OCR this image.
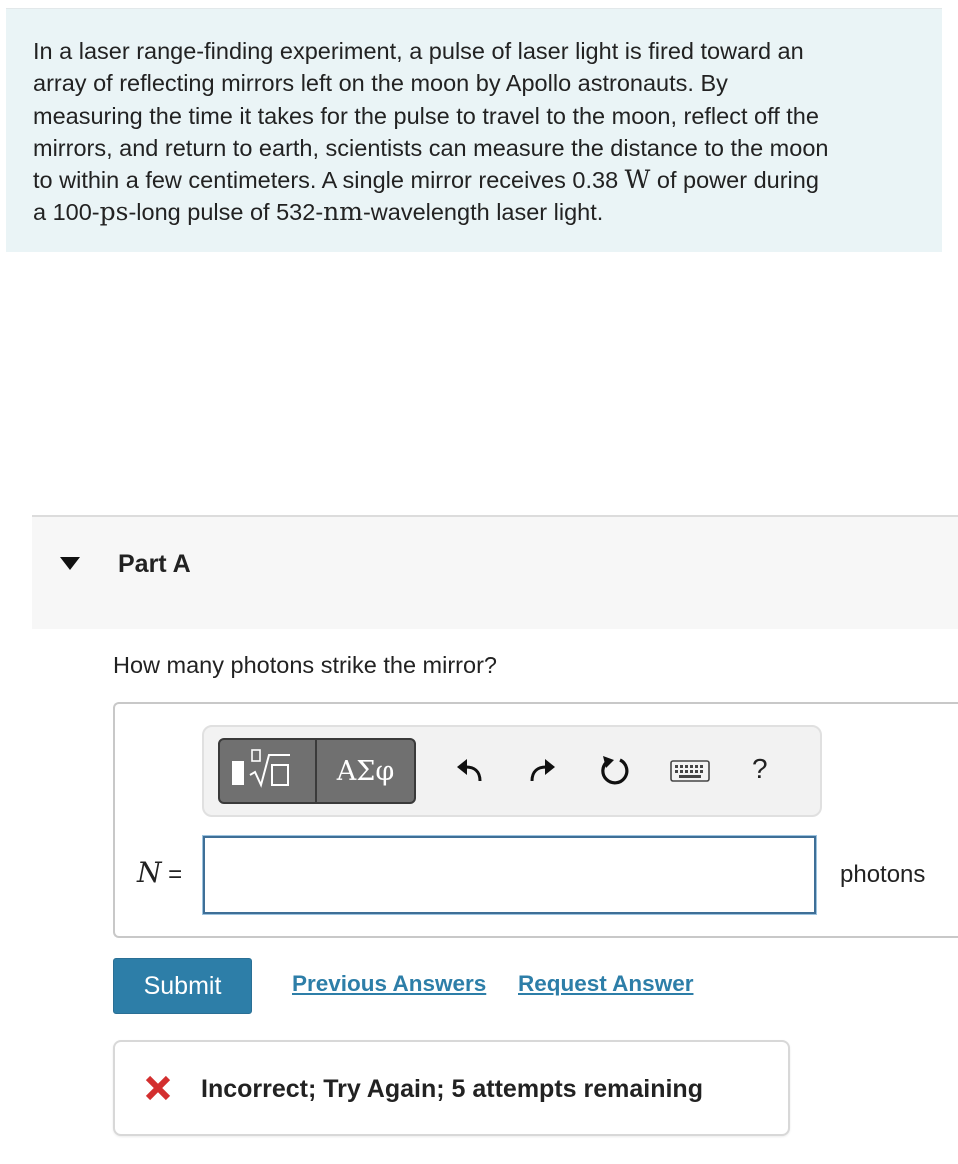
In a laser range-finding experiment, a pulse of laser light is fired toward an
array of reflecting mirrors left on the moon by Apollo astronauts. By
measuring the time it takes for the pulse to travel to the moon, reflect off the
mirrors, and return to earth, scientists can measure the distance to the moon
to within a few centimeters. A single mirror receives 0.38 W of power during
a 100-ps-long pulse of 532-nm-wavelength laser light.
Part A
How many photons strike the mirror?
ΑΣφ	?
N =	photons
Submit	Previous Answers Request Answer
Incorrect; Try Again; 5 attempts remaining
